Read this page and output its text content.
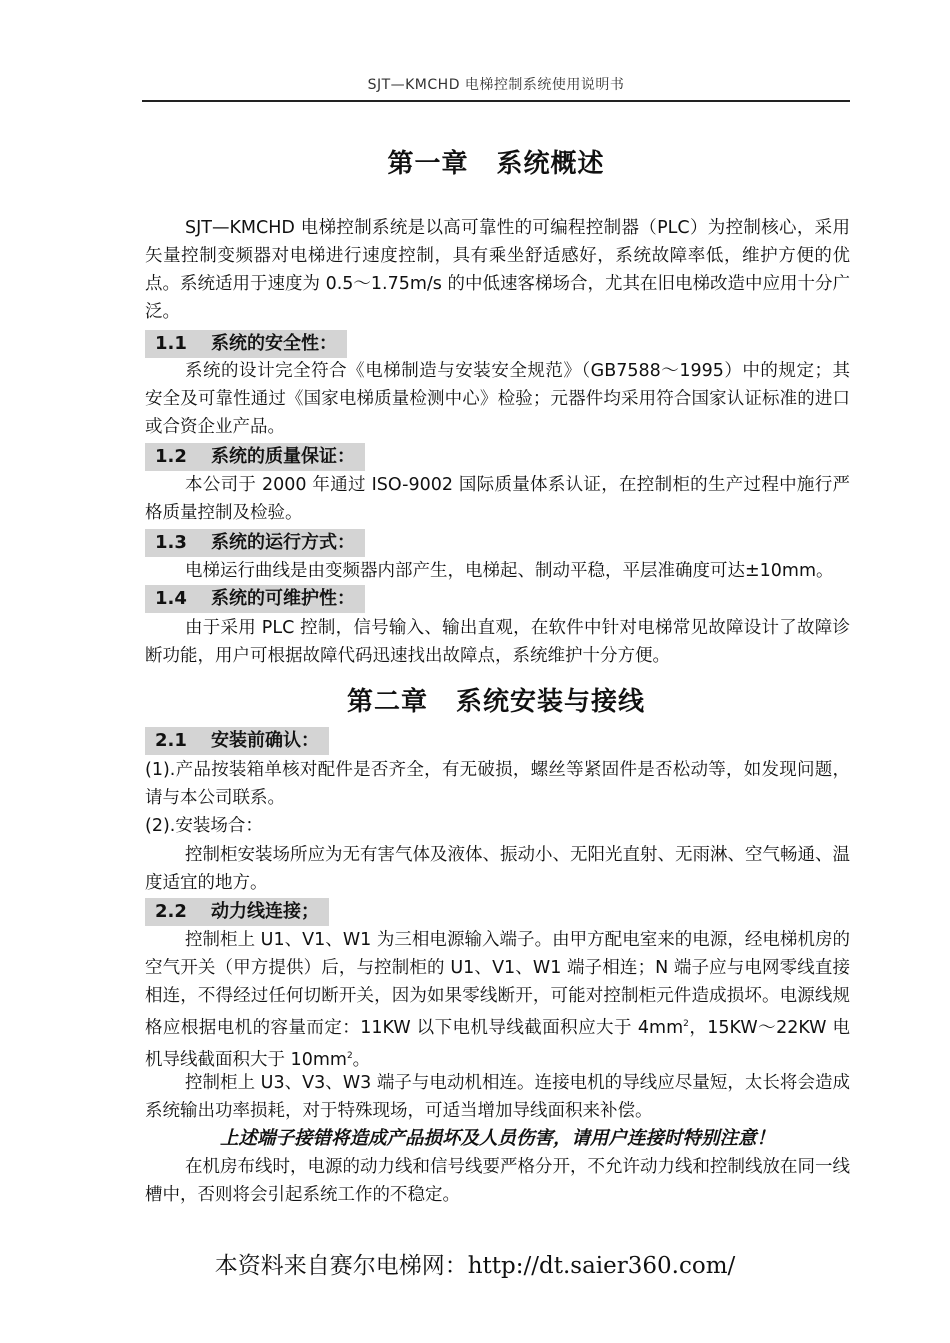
SJT—KMCHD 电梯控制系统使用说明书
第一章 系统概述
SJT—KMCHD 电梯控制系统是以高可靠性的可编程控制器（PLC）为控制核心，采用矢量控制变频器对电梯进行速度控制，具有乘坐舒适感好，系统故障率低，维护方便的优点。系统适用于速度为 0.5～1.75m/s 的中低速客梯场合，尤其在旧电梯改造中应用十分广泛。
1.1 系统的安全性：
系统的设计完全符合《电梯制造与安装安全规范》（GB7588～1995）中的规定；其安全及可靠性通过《国家电梯质量检测中心》检验；元器件均采用符合国家认证标准的进口或合资企业产品。
1.2 系统的质量保证：
本公司于 2000 年通过 ISO-9002 国际质量体系认证，在控制柜的生产过程中施行严格质量控制及检验。
1.3 系统的运行方式：
电梯运行曲线是由变频器内部产生，电梯起、制动平稳，平层准确度可达±10mm。
1.4 系统的可维护性：
由于采用 PLC 控制，信号输入、输出直观，在软件中针对电梯常见故障设计了故障诊断功能，用户可根据故障代码迅速找出故障点，系统维护十分方便。
第二章 系统安装与接线
2.1 安装前确认：
(1).产品按装箱单核对配件是否齐全，有无破损，螺丝等紧固件是否松动等，如发现问题，请与本公司联系。
(2).安装场合：
控制柜安装场所应为无有害气体及液体、振动小、无阳光直射、无雨淋、空气畅通、温度适宜的地方。
2.2 动力线连接；
控制柜上 U1、V1、W1 为三相电源输入端子。由甲方配电室来的电源，经电梯机房的空气开关（甲方提供）后，与控制柜的 U1、V1、W1 端子相连；N 端子应与电网零线直接相连，不得经过任何切断开关，因为如果零线断开，可能对控制柜元件造成损坏。电源线规格应根据电机的容量而定：11KW 以下电机导线截面积应大于 $4mm^2$，15KW～22KW 电机导线截面积大于 $10mm^2$。
控制柜上 U3、V3、W3 端子与电动机相连。连接电机的导线应尽量短，太长将会造成系统输出功率损耗，对于特殊现场，可适当增加导线面积来补偿。
上述端子接错将造成产品损坏及人员伤害，请用户连接时特别注意！
在机房布线时，电源的动力线和信号线要严格分开，不允许动力线和控制线放在同一线槽中，否则将会引起系统工作的不稳定。
本资料来自赛尔电梯网：http://dt.saier360.com/
